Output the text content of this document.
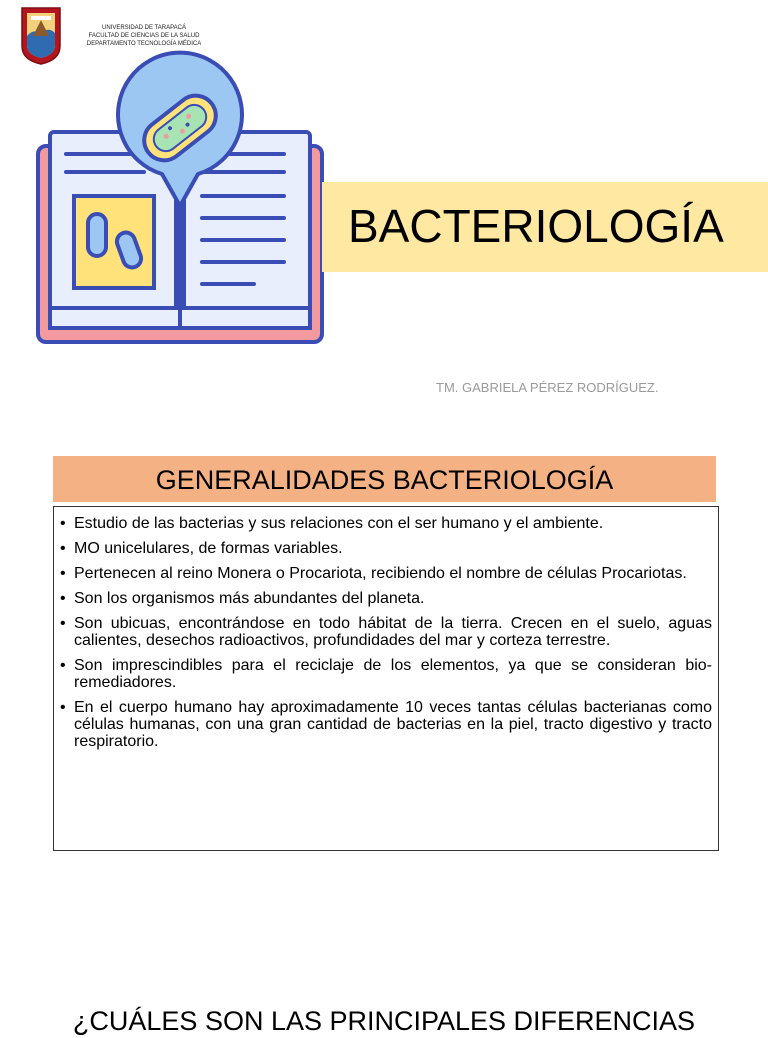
UNIVERSIDAD DE TARAPACÁ
FACULTAD DE CIENCIAS DE LA SALUD
DEPARTAMENTO TECNOLOGÍA MÉDICA
BACTERIOLOGÍA
TM. GABRIELA PÉREZ RODRÍGUEZ.
GENERALIDADES BACTERIOLOGÍA
• Estudio de las bacterias y sus relaciones con el ser humano y el ambiente.
• MO unicelulares, de formas variables.
• Pertenecen al reino Monera o Procariota, recibiendo el nombre de células Procariotas.
• Son los organismos más abundantes del planeta.
• Son ubicuas, encontrándose en todo hábitat de la tierra. Crecen en el suelo, aguas calientes, desechos radioactivos, profundidades del mar y corteza terrestre.
• Son imprescindibles para el reciclaje de los elementos, ya que se consideran bio-remediadores.
• En el cuerpo humano hay aproximadamente 10 veces tantas células bacterianas como células humanas, con una gran cantidad de bacterias en la piel, tracto digestivo y tracto respiratorio.
¿CUÁLES SON LAS PRINCIPALES DIFERENCIAS
